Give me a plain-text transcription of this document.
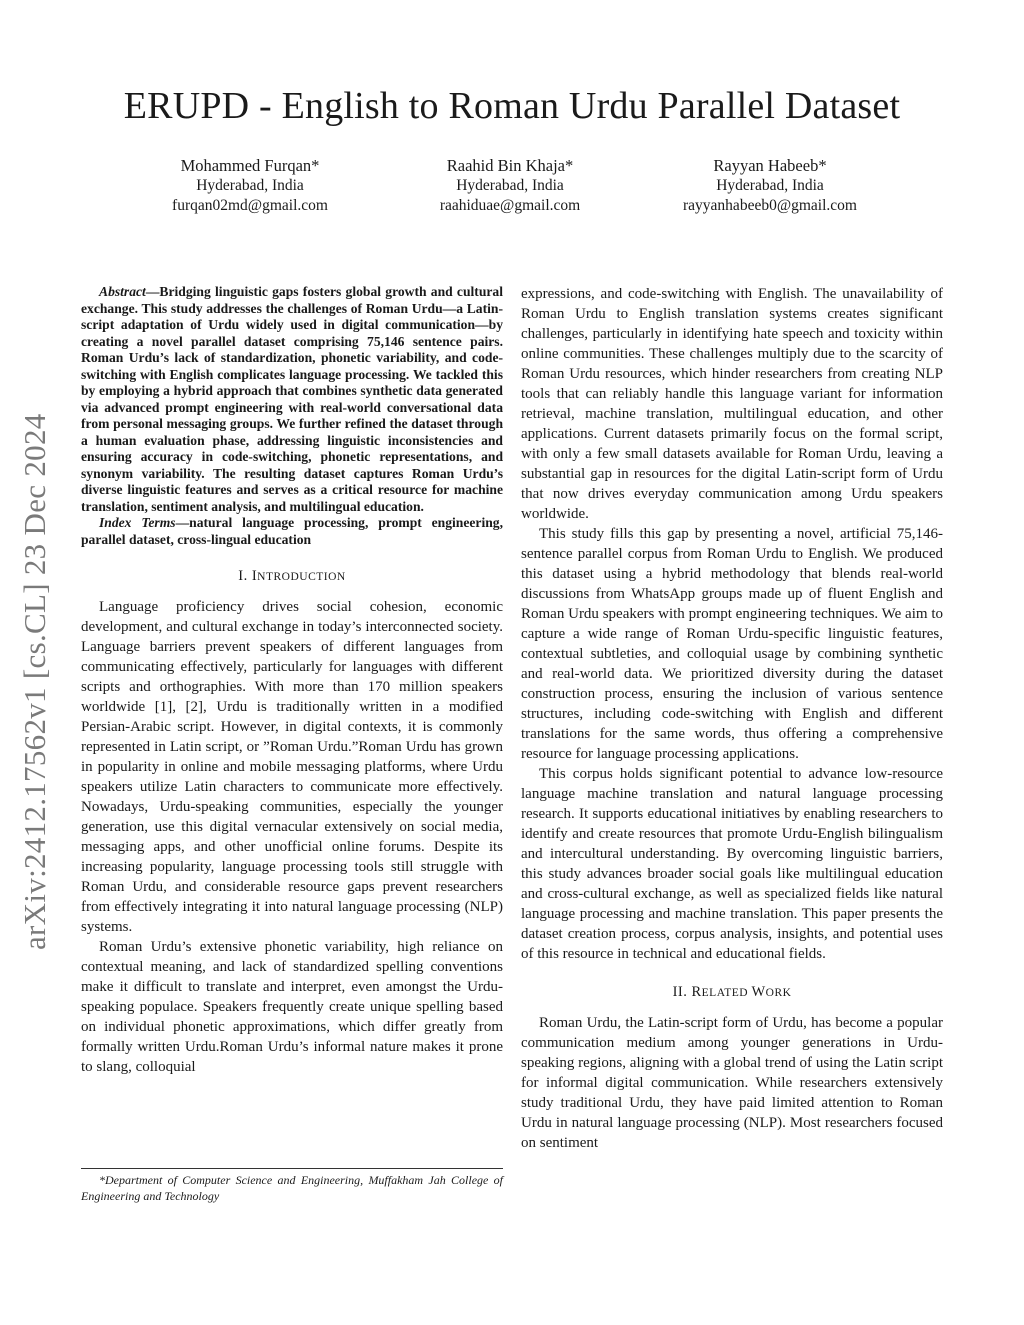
ERUPD - English to Roman Urdu Parallel Dataset
Mohammed Furqan*
Hyderabad, India
furqan02md@gmail.com
Raahid Bin Khaja*
Hyderabad, India
raahiduae@gmail.com
Rayyan Habeeb*
Hyderabad, India
rayyanhabeeb0@gmail.com
arXiv:2412.17562v1 [cs.CL] 23 Dec 2024

Abstract—Bridging linguistic gaps fosters global growth and cultural exchange. This study addresses the challenges of Roman Urdu—a Latin-script adaptation of Urdu widely used in digital communication—by creating a novel parallel dataset comprising 75,146 sentence pairs. Roman Urdu’s lack of standardization, phonetic variability, and code-switching with English complicates language processing. We tackled this by employing a hybrid approach that combines synthetic data generated via advanced prompt engineering with real-world conversational data from personal messaging groups. We further refined the dataset through a human evaluation phase, addressing linguistic inconsistencies and ensuring accuracy in code-switching, phonetic representations, and synonym variability. The resulting dataset captures Roman Urdu’s diverse linguistic features and serves as a critical resource for machine translation, sentiment analysis, and multilingual education.

Index Terms—natural language processing, prompt engineering, parallel dataset, cross-lingual education

I. INTRODUCTION

Language proficiency drives social cohesion, economic development, and cultural exchange in today’s interconnected society. Language barriers prevent speakers of different languages from communicating effectively, particularly for languages with different scripts and orthographies. With more than 170 million speakers worldwide [1], [2], Urdu is traditionally written in a modified Persian-Arabic script. However, in digital contexts, it is commonly represented in Latin script, or ”Roman Urdu.”Roman Urdu has grown in popularity in online and mobile messaging platforms, where Urdu speakers utilize Latin characters to communicate more effectively. Nowadays, Urdu-speaking communities, especially the younger generation, use this digital vernacular extensively on social media, messaging apps, and other unofficial online forums. Despite its increasing popularity, language processing tools still struggle with Roman Urdu, and considerable resource gaps prevent researchers from effectively integrating it into natural language processing (NLP) systems.

Roman Urdu’s extensive phonetic variability, high reliance on contextual meaning, and lack of standardized spelling conventions make it difficult to translate and interpret, even amongst the Urdu-speaking populace. Speakers frequently create unique spelling based on individual phonetic approximations, which differ greatly from formally written Urdu.Roman Urdu’s informal nature makes it prone to slang, colloquial

expressions, and code-switching with English. The unavailability of Roman Urdu to English translation systems creates significant challenges, particularly in identifying hate speech and toxicity within online communities. These challenges multiply due to the scarcity of Roman Urdu resources, which hinder researchers from creating NLP tools that can reliably handle this language variant for information retrieval, machine translation, multilingual education, and other applications. Current datasets primarily focus on the formal script, with only a few small datasets available for Roman Urdu, leaving a substantial gap in resources for the digital Latin-script form of Urdu that now drives everyday communication among Urdu speakers worldwide.

This study fills this gap by presenting a novel, artificial 75,146-sentence parallel corpus from Roman Urdu to English. We produced this dataset using a hybrid methodology that blends real-world discussions from WhatsApp groups made up of fluent English and Roman Urdu speakers with prompt engineering techniques. We aim to capture a wide range of Roman Urdu-specific linguistic features, contextual subtleties, and colloquial usage by combining synthetic and real-world data. We prioritized diversity during the dataset construction process, ensuring the inclusion of various sentence structures, including code-switching with English and different translations for the same words, thus offering a comprehensive resource for language processing applications.

This corpus holds significant potential to advance low-resource language machine translation and natural language processing research. It supports educational initiatives by enabling researchers to identify and create resources that promote Urdu-English bilingualism and intercultural understanding. By overcoming linguistic barriers, this study advances broader social goals like multilingual education and cross-cultural exchange, as well as specialized fields like natural language processing and machine translation. This paper presents the dataset creation process, corpus analysis, insights, and potential uses of this resource in technical and educational fields.

II. RELATED WORK

Roman Urdu, the Latin-script form of Urdu, has become a popular communication medium among younger generations in Urdu-speaking regions, aligning with a global trend of using the Latin script for informal digital communication. While researchers extensively study traditional Urdu, they have paid limited attention to Roman Urdu in natural language processing (NLP). Most researchers focused on sentiment

*Department of Computer Science and Engineering, Muffakham Jah College of Engineering and Technology
